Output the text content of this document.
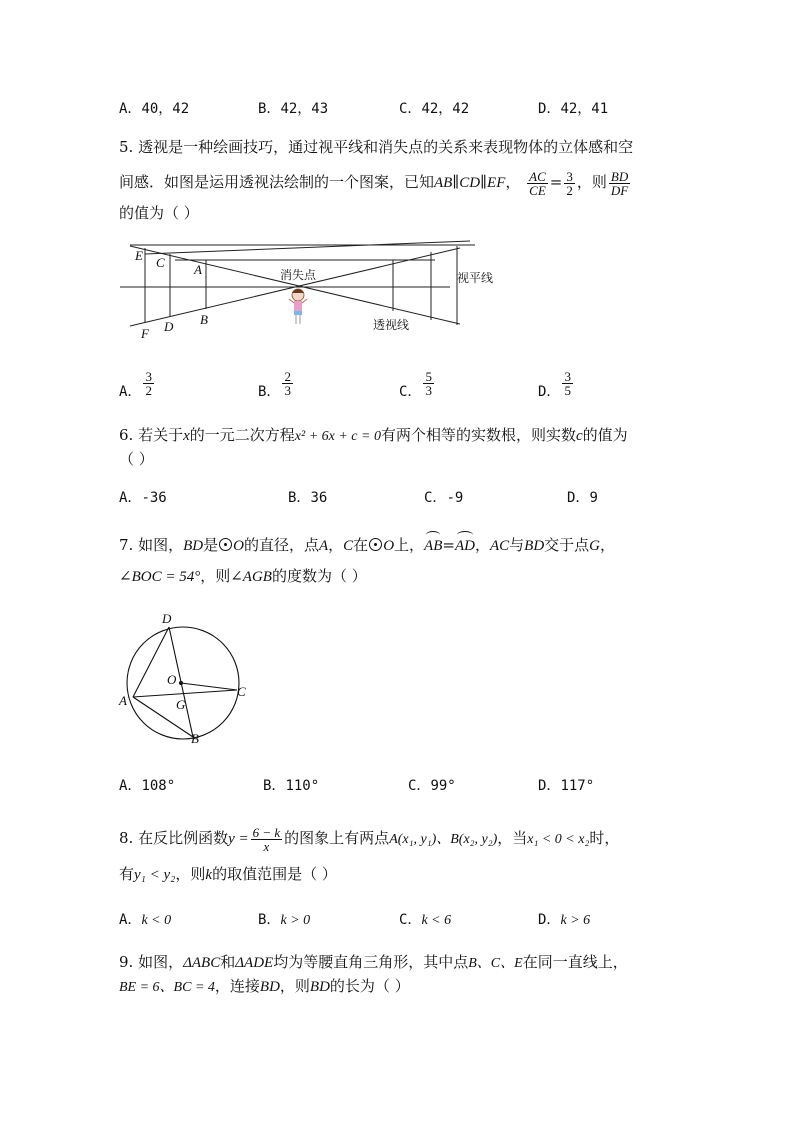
A．40，42	B．42，43	C．42，42	D．42，41
5. 透视是一种绘画技巧，通过视平线和消失点的关系来表现物体的立体感和空
间感．如图是运用透视法绘制的一个图案，已知AB∥CD∥EF， $\frac{AC}{CE} = \frac{3}{2}$ ，则 $\frac{BD}{DF}$
的值为（ ）
E C A
F D B
消失点	视平线
透视线
A． $\frac{3}{2}$	B． $\frac{2}{3}$	C． $\frac{5}{3}$	D． $\frac{3}{5}$
6. 若关于x的一元二次方程x² + 6x + c = 0有两个相等的实数根，则实数c的值为
（ ）
A．-36	B．36	C．-9	D．9
7. 如图，BD是 O的直径，点A，C在 O上，AB=AD，AC与BD交于点G，
∠BOC = 54°，则∠AGB的度数为（ ）
D
O
C
A	G
B
A．108°	B．110°	C．99°	D．117°
8. 在反比例函数$y = \frac{6 - k}{x}$ 的图象上有两点A(x₁, y₁)、B(x₂, y₂)，当x₁ < 0 < x₂时，
有y₁ < y₂，则k的取值范围是（ ）
A．k < 0	B．k > 0	C．k < 6	D．k > 6
9. 如图，ΔABC和ΔADE均为等腰直角三角形，其中点B、C、E在同一直线上，
BE = 6、BC = 4，连接BD，则BD的长为（ ）
